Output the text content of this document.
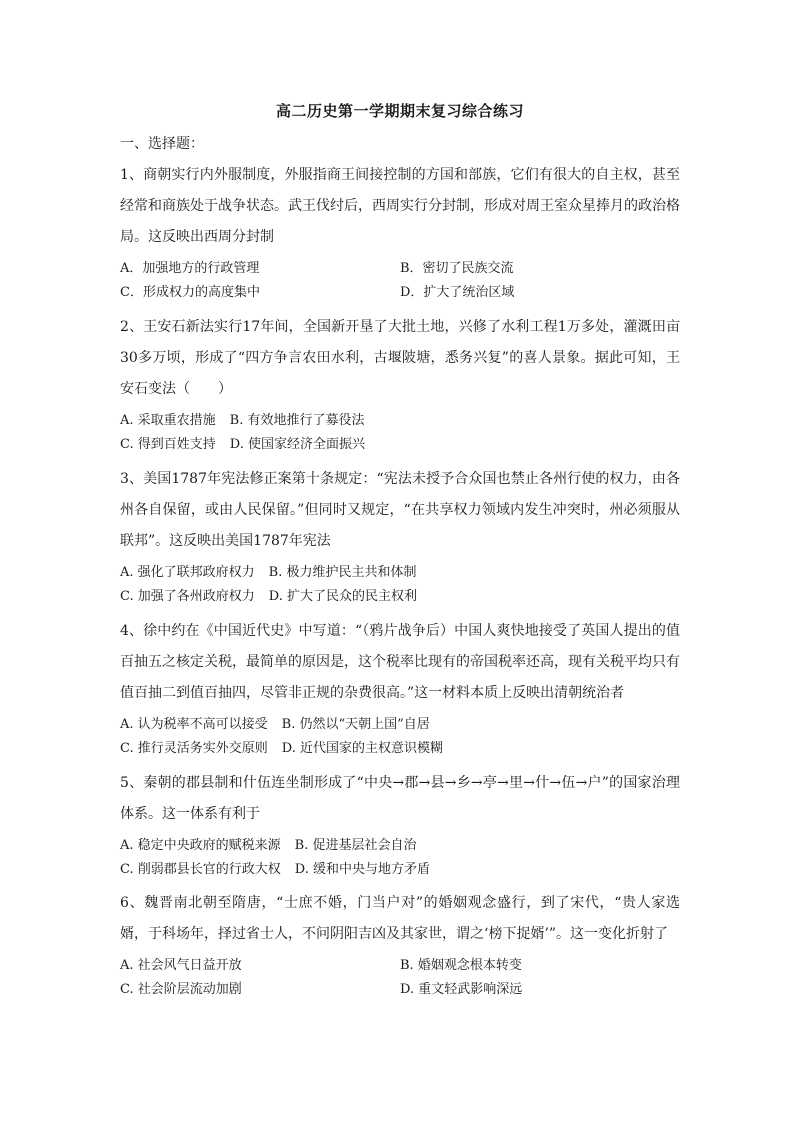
高二历史第一学期期末复习综合练习
一、选择题：

1、商朝实行内外服制度，外服指商王间接控制的方国和部族，它们有很大的自主权，甚至经常和商族处于战争状态。武王伐纣后，西周实行分封制，形成对周王室众星捧月的政治格局。这反映出西周分封制

A．加强地方的行政管理	B．密切了民族交流
C．形成权力的高度集中	D．扩大了统治区域

2、王安石新法实行17年间，全国新开垦了大批土地，兴修了水利工程1万多处，灌溉田亩30多万顷，形成了“四方争言农田水利，古堰陂塘，悉务兴复”的喜人景象。据此可知，王安石变法（　　）

A. 采取重农措施 B. 有效地推行了募役法
C. 得到百姓支持 D. 使国家经济全面振兴

3、美国1787年宪法修正案第十条规定：“宪法未授予合众国也禁止各州行使的权力，由各州各自保留，或由人民保留。”但同时又规定，“在共享权力领域内发生冲突时，州必须服从联邦”。这反映出美国1787年宪法

A. 强化了联邦政府权力 B. 极力维护民主共和体制
C. 加强了各州政府权力 D. 扩大了民众的民主权利

4、徐中约在《中国近代史》中写道：“（鸦片战争后）中国人爽快地接受了英国人提出的值百抽五之核定关税，最简单的原因是，这个税率比现有的帝国税率还高，现有关税平均只有值百抽二到值百抽四，尽管非正规的杂费很高。”这一材料本质上反映出清朝统治者

A. 认为税率不高可以接受 B. 仍然以“天朝上国”自居
C. 推行灵活务实外交原则 D. 近代国家的主权意识模糊

5、秦朝的郡县制和什伍连坐制形成了“中央→郡→县→乡→亭→里→什→伍→户”的国家治理体系。这一体系有利于

A. 稳定中央政府的赋税来源 B. 促进基层社会自治
C. 削弱郡县长官的行政大权 D. 缓和中央与地方矛盾

6、魏晋南北朝至隋唐，“士庶不婚，门当户对”的婚姻观念盛行，到了宋代，“贵人家选婿，于科场年，择过省士人，不问阴阳吉凶及其家世，谓之‘榜下捉婿’”。这一变化折射了

A. 社会风气日益开放	B. 婚姻观念根本转变
C. 社会阶层流动加剧	D. 重文轻武影响深远
